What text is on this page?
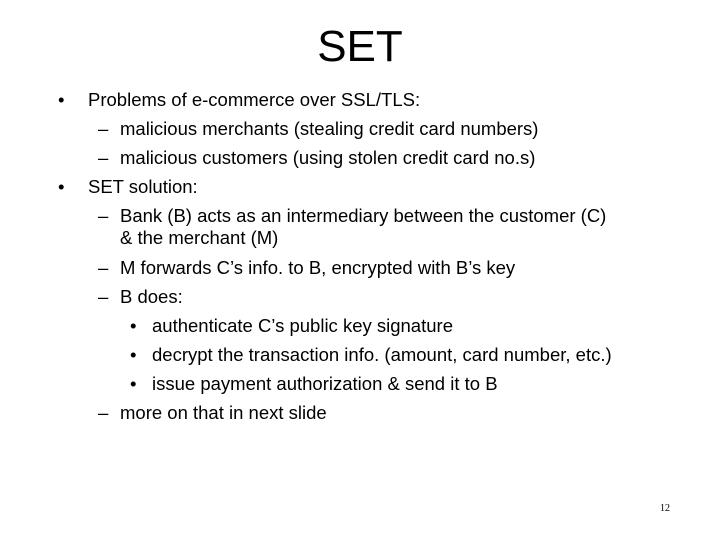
SET
• Problems of e-commerce over SSL/TLS:
– malicious merchants (stealing credit card numbers)
– malicious customers (using stolen credit card no.s)
• SET solution:
– Bank (B) acts as an intermediary between the customer (C)
& the merchant (M)
– M forwards C’s info. to B, encrypted with B’s key
– B does:
• authenticate C’s public key signature
• decrypt the transaction info. (amount, card number, etc.)
• issue payment authorization & send it to B
– more on that in next slide
12
